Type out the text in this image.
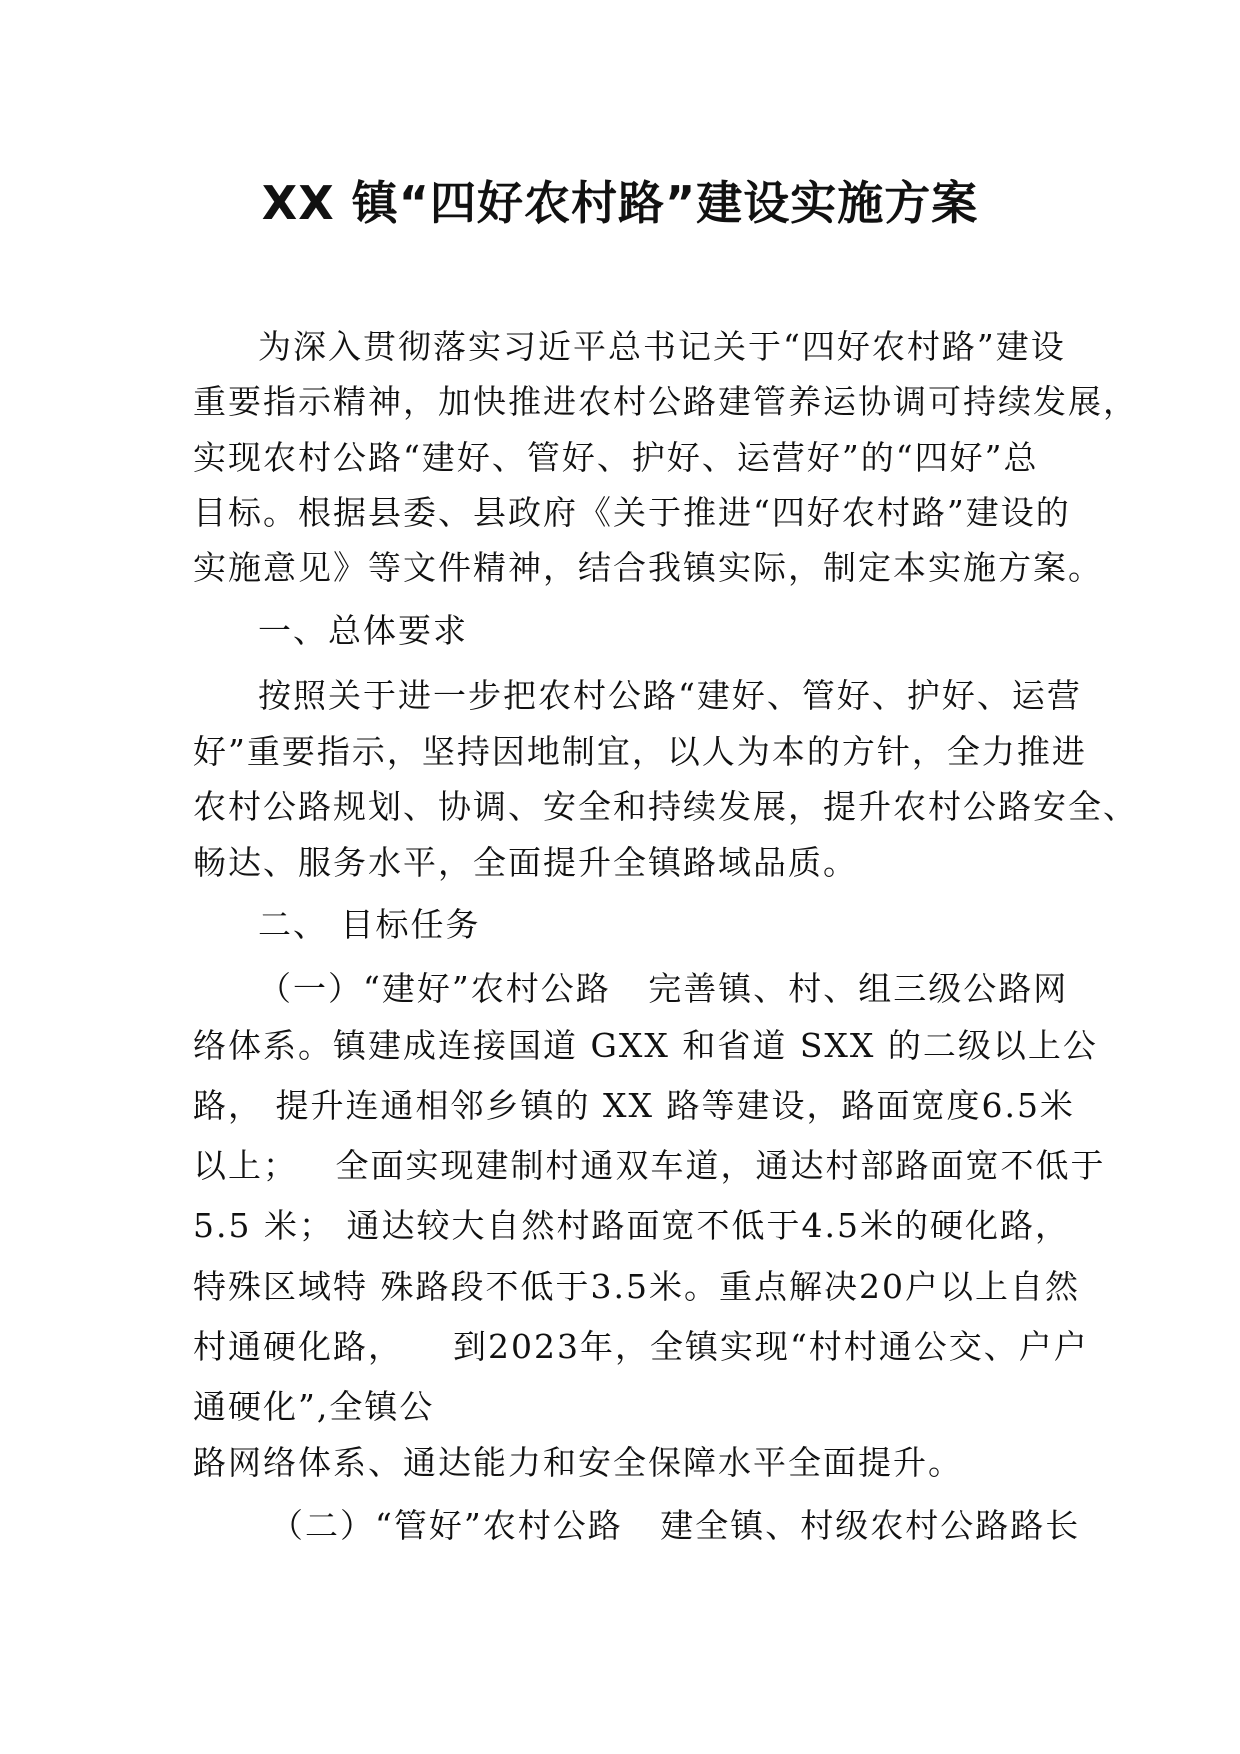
XX 镇“四好农村路”建设实施方案
为深入贯彻落实习近平总书记关于“四好农村路”建设
重要指示精神，加快推进农村公路建管养运协调可持续发展，
实现农村公路“建好、管好、护好、运营好”的“四好”总
目标。根据县委、县政府《关于推进“四好农村路”建设的
实施意见》等文件精神，结合我镇实际，制定本实施方案。
一、总体要求
按照关于进一步把农村公路“建好、管好、护好、运营
好”重要指示，坚持因地制宜，以人为本的方针，全力推进
农村公路规划、协调、安全和持续发展，提升农村公路安全、
畅达、服务水平，全面提升全镇路域品质。
二、 目标任务
（一）“建好”农村公路   完善镇、村、组三级公路网
络体系。镇建成连接国道 GXX 和省道 SXX 的二级以上公
路， 提升连通相邻乡镇的 XX 路等建设，路面宽度6.5米
以上；   全面实现建制村通双车道，通达村部路面宽不低于
5.5 米； 通达较大自然村路面宽不低于4.5米的硬化路，
特殊区域特 殊路段不低于3.5米。重点解决20户以上自然
村通硬化路，    到2023年，全镇实现“村村通公交、户户
通硬化”,全镇公
路网络体系、通达能力和安全保障水平全面提升。
（二）“管好”农村公路   建全镇、村级农村公路路长
